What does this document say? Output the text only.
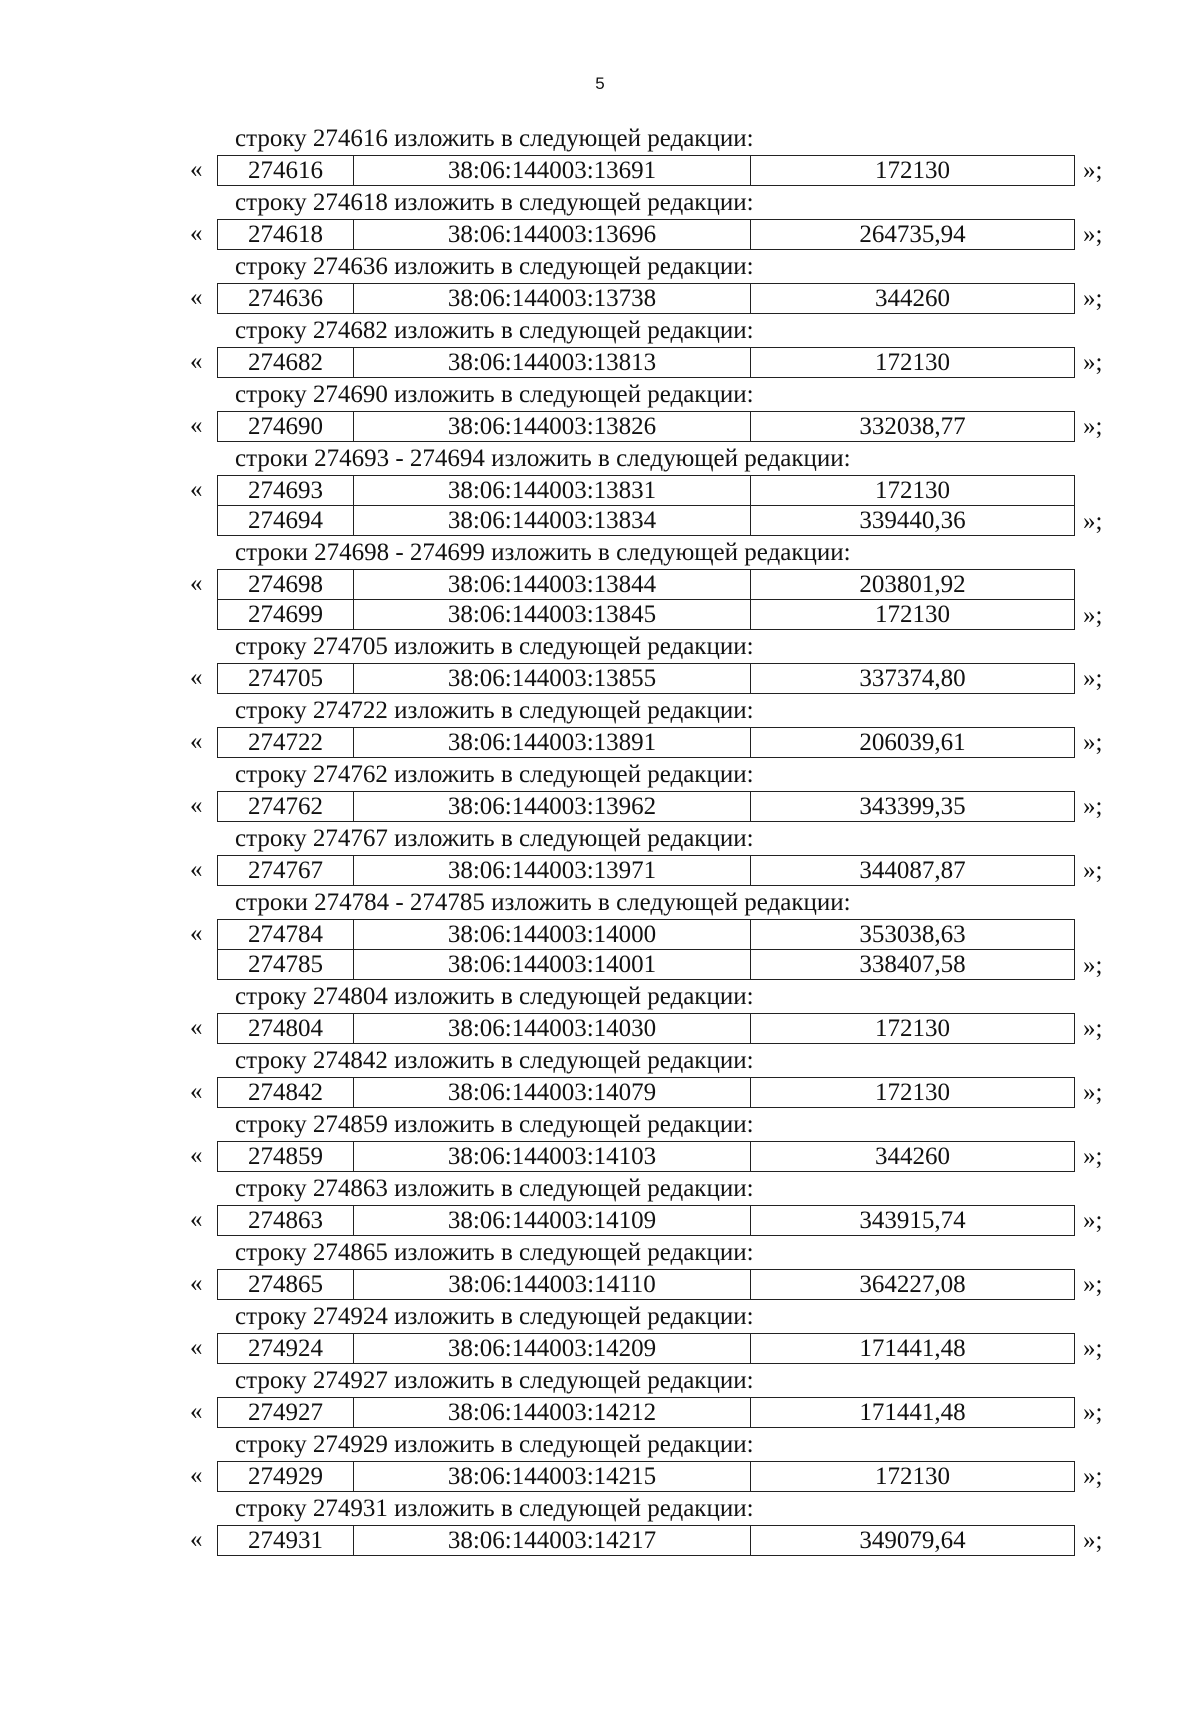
5
строку 274616 изложить в следующей редакции:
« 274616	38:06:144003:13691	172130	»;
строку 274618 изложить в следующей редакции:
« 274618	38:06:144003:13696	264735,94	»;
строку 274636 изложить в следующей редакции:
« 274636	38:06:144003:13738	344260	»;
строку 274682 изложить в следующей редакции:
« 274682	38:06:144003:13813	172130	»;
строку 274690 изложить в следующей редакции:
« 274690	38:06:144003:13826	332038,77	»;
строки 274693 - 274694 изложить в следующей редакции:
« 274693	38:06:144003:13831	172130
274694	38:06:144003:13834	339440,36	»;
строки 274698 - 274699 изложить в следующей редакции:
« 274698	38:06:144003:13844	203801,92
274699	38:06:144003:13845	172130	»;
строку 274705 изложить в следующей редакции:
« 274705	38:06:144003:13855	337374,80	»;
строку 274722 изложить в следующей редакции:
« 274722	38:06:144003:13891	206039,61	»;
строку 274762 изложить в следующей редакции:
« 274762	38:06:144003:13962	343399,35	»;
строку 274767 изложить в следующей редакции:
« 274767	38:06:144003:13971	344087,87	»;
строки 274784 - 274785 изложить в следующей редакции:
« 274784	38:06:144003:14000	353038,63
274785	38:06:144003:14001	338407,58	»;
строку 274804 изложить в следующей редакции:
« 274804	38:06:144003:14030	172130	»;
строку 274842 изложить в следующей редакции:
« 274842	38:06:144003:14079	172130	»;
строку 274859 изложить в следующей редакции:
« 274859	38:06:144003:14103	344260	»;
строку 274863 изложить в следующей редакции:
« 274863	38:06:144003:14109	343915,74	»;
строку 274865 изложить в следующей редакции:
« 274865	38:06:144003:14110	364227,08	»;
строку 274924 изложить в следующей редакции:
« 274924	38:06:144003:14209	171441,48	»;
строку 274927 изложить в следующей редакции:
« 274927	38:06:144003:14212	171441,48	»;
строку 274929 изложить в следующей редакции:
« 274929	38:06:144003:14215	172130	»;
строку 274931 изложить в следующей редакции:
« 274931	38:06:144003:14217	349079,64	»;
